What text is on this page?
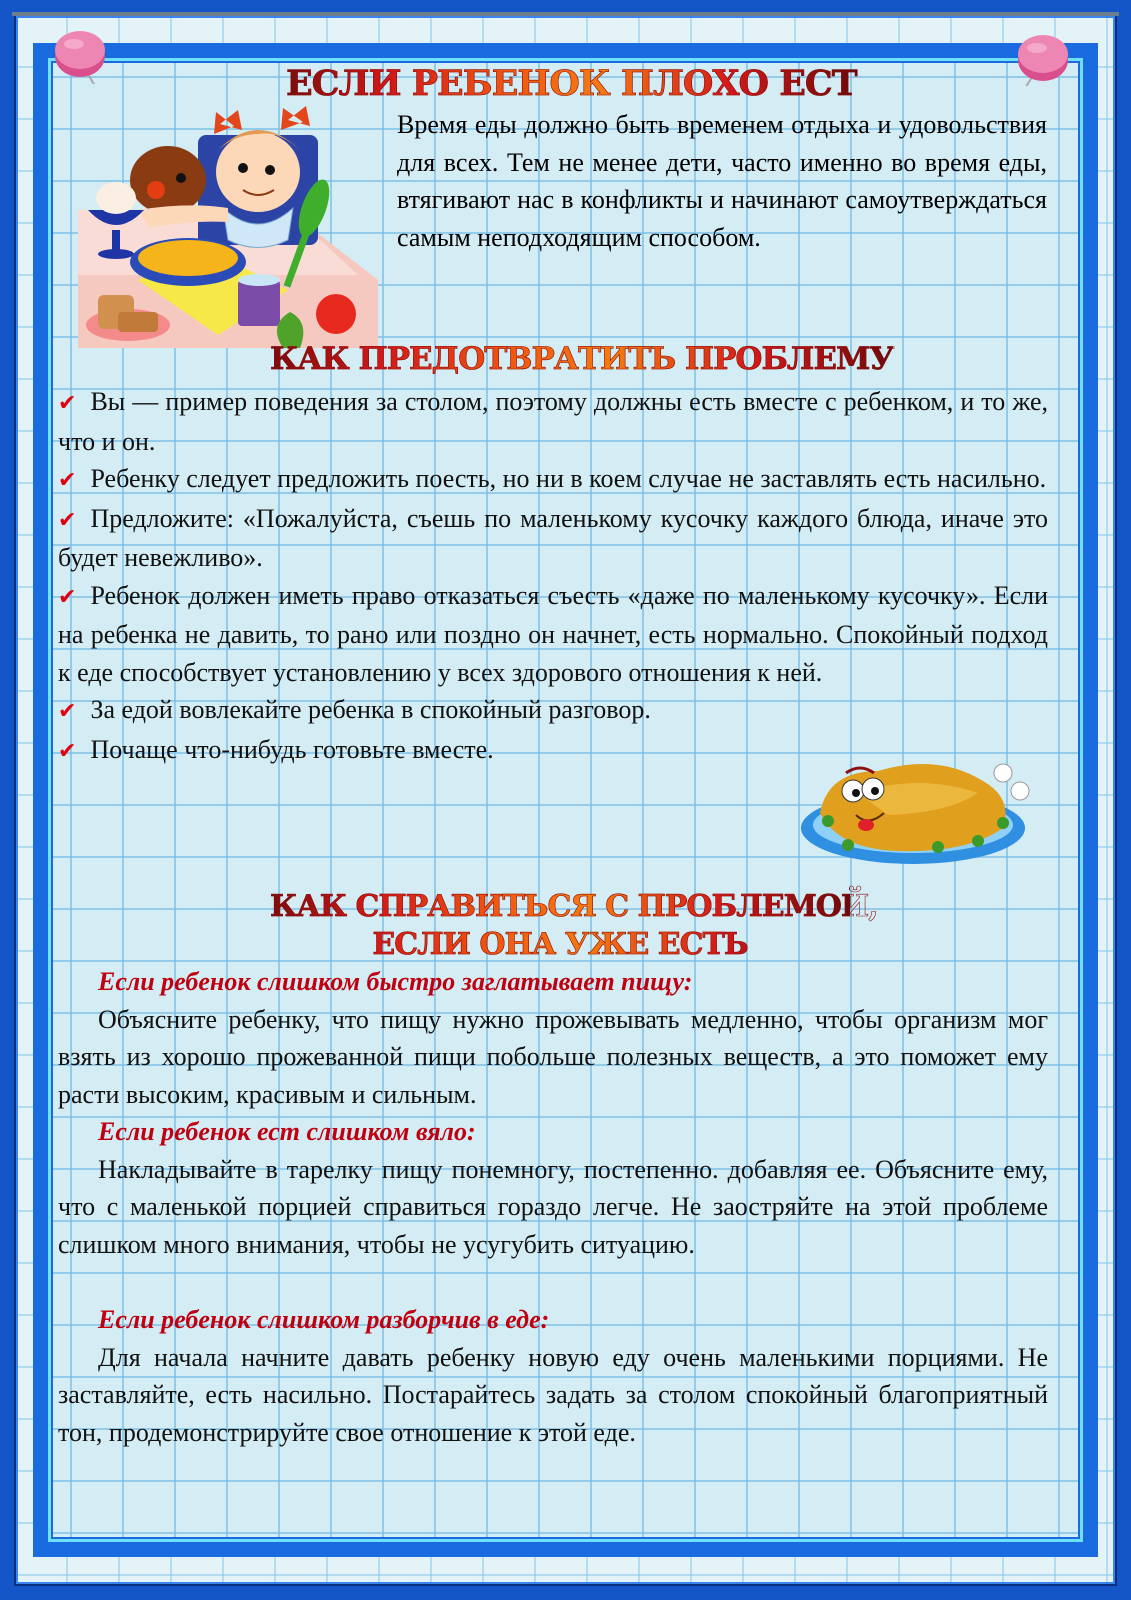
ЕСЛИ РЕБЕНОК ПЛОХО ЕСТ

Время еды должно быть временем отдыха и удовольствия для всех. Тем не менее дети, часто именно во время еды, втягивают нас в конфликты и начинают самоутверждаться самым неподходящим способом.

КАК ПРЕДОТВРАТИТЬ ПРОБЛЕМУ
✔ Вы — пример поведения за столом, поэтому должны есть вместе с ребенком, и то же, что и он.
✔ Ребенку следует предложить поесть, но ни в коем случае не заставлять есть насильно.
✔ Предложите: «Пожалуйста, съешь по маленькому кусочку каждого блюда, иначе это будет невежливо».
✔ Ребенок должен иметь право отказаться съесть «даже по маленькому кусочку». Если на ребенка не давить, то рано или поздно он начнет, есть нормально. Спокойный подход к еде способствует установлению у всех здорового отношения к ней.
✔ За едой вовлекайте ребенка в спокойный разговор.
✔ Почаще что-нибудь готовьте вместе.
КАК СПРАВИТЬСЯ С ПРОБЛЕМОЙ,
ЕСЛИ ОНА УЖЕ ЕСТЬ
Если ребенок слишком быстро заглатывает пищу:

Объясните ребенку, что пищу нужно прожевывать медленно, чтобы организм мог взять из хорошо прожеванной пищи побольше полезных веществ, а это поможет ему расти высоким, красивым и сильным.

Если ребенок ест слишком вяло:

Накладывайте в тарелку пищу понемногу, постепенно. добавляя ее. Объясните ему, что с маленькой порцией справиться гораздо легче. Не заостряйте на этой проблеме слишком много внимания, чтобы не усугубить ситуацию.

Если ребенок слишком разборчив в еде:

Для начала начните давать ребенку новую еду очень маленькими порциями. Не заставляйте, есть насильно. Постарайтесь задать за столом спокойный благоприятный тон, продемонстрируйте свое отношение к этой еде.
